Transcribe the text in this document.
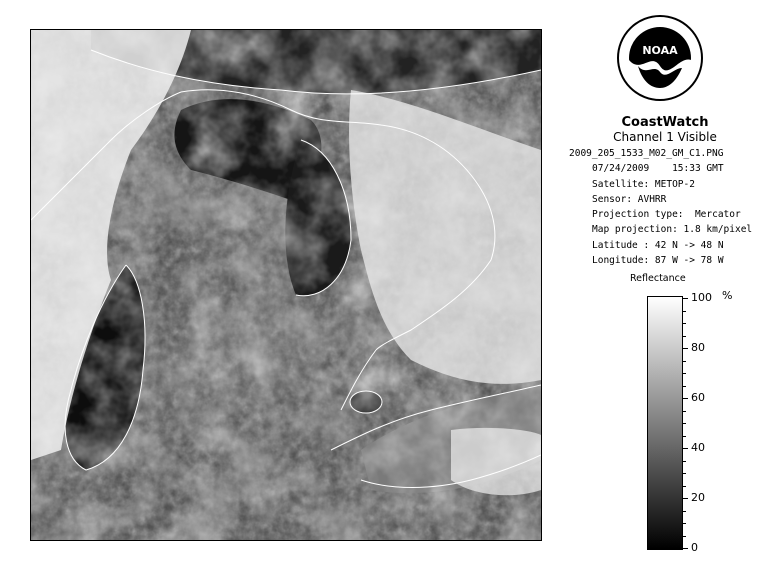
NOAA
CoastWatch
Channel 1 Visible
2009_205_1533_M02_GM_C1.PNG
07/24/2009    15:33 GMT
Satellite: METOP-2
Sensor: AVHRR
Projection type:  Mercator
Map projection: 1.8 km/pixel
Latitude : 42 N -> 48 N
Longitude: 87 W -> 78 W
Reflectance
%
100
80
60
40
20
0
